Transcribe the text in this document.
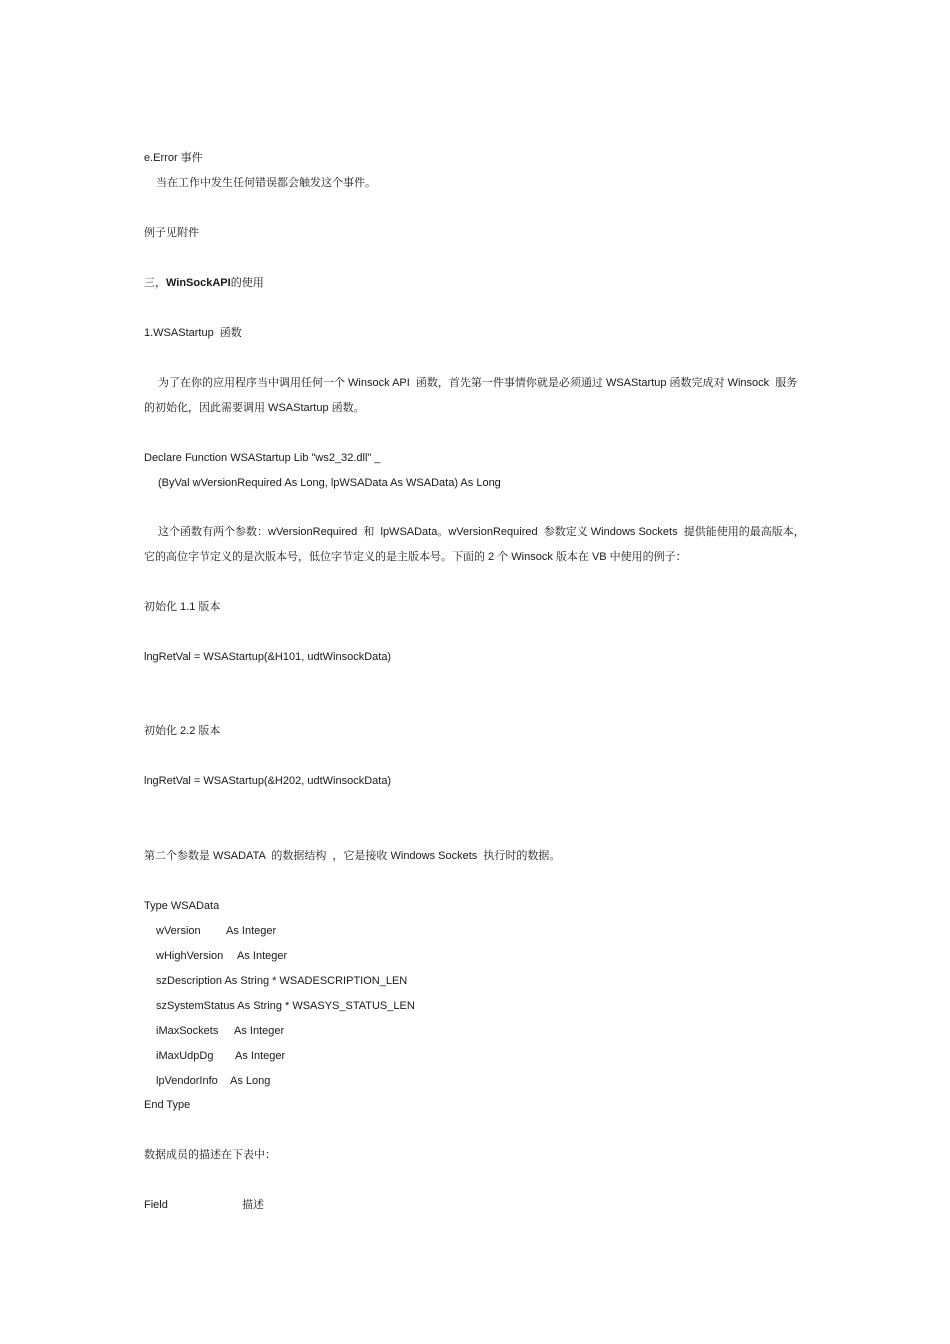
e.Error 事件
当在工作中发生任何错误都会触发这个事件。
例子见附件
三，WinSockAPI的使用
1.WSAStartup  函数
为了在你的应用程序当中调用任何一个 Winsock API  函数，首先第一件事情你就是必须通过 WSAStartup 函数完成对 Winsock  服务
的初始化，因此需要调用 WSAStartup 函数。
Declare Function WSAStartup Lib "ws2_32.dll" _
(ByVal wVersionRequired As Long, lpWSAData As WSAData) As Long
这个函数有两个参数：wVersionRequired  和  lpWSAData。wVersionRequired  参数定义 Windows Sockets  提供能使用的最高版本，
它的高位字节定义的是次版本号，低位字节定义的是主版本号。下面的 2 个 Winsock 版本在 VB 中使用的例子：
初始化 1.1 版本
lngRetVal = WSAStartup(&H101, udtWinsockData)
初始化 2.2 版本
lngRetVal = WSAStartup(&H202, udtWinsockData)
第二个参数是 WSADATA  的数据结构  ，它是接收 Windows Sockets  执行时的数据。
Type WSAData
wVersion As Integer
wHighVersion As Integer
szDescription As String * WSADESCRIPTION_LEN
szSystemStatus As String * WSASYS_STATUS_LEN
iMaxSockets As Integer
iMaxUdpDg As Integer
lpVendorInfo As Long
End Type
数据成员的描述在下表中：
Field	描述
